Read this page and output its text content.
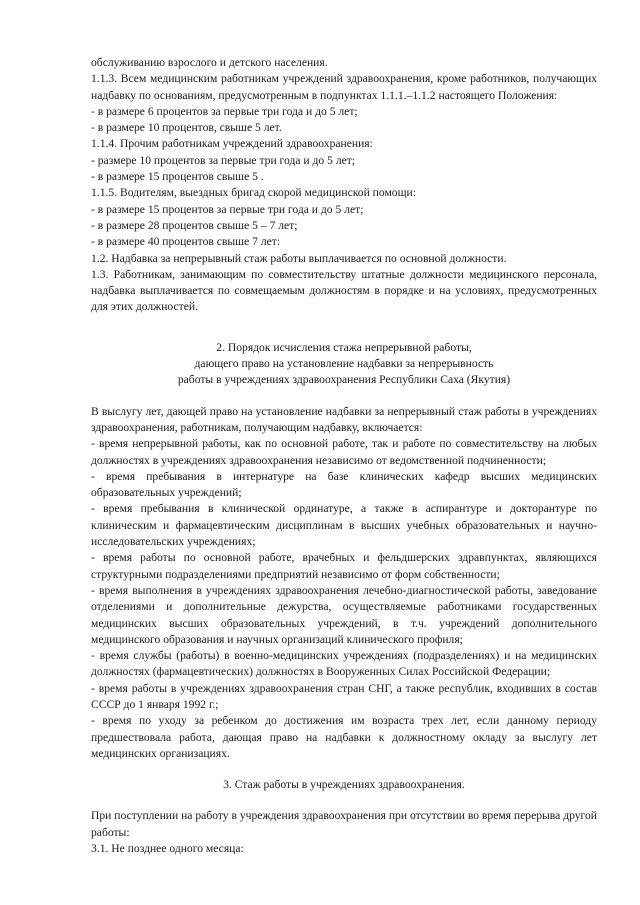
обслуживанию взрослого и детского населения.

1.1.3. Всем медицинским работникам учреждений здравоохранения, кроме работников, получающих надбавку по основаниям, предусмотренным в подпунктах 1.1.1.–1.1.2 настоящего Положения:

- в размере 6 процентов за первые три года и до 5 лет;

- в размере 10 процентов, свыше 5 лет.

1.1.4. Прочим работникам учреждений здравоохранения:

- размере 10 процентов за первые три года и до 5 лет;

- в размере 15 процентов свыше 5 .

1.1.5. Водителям, выездных бригад скорой медицинской помощи:

- в размере 15 процентов за первые три года и до 5 лет;

- в размере 28 процентов свыше 5 – 7 лет;

- в размере 40 процентов свыше 7 лет:

1.2. Надбавка за непрерывный стаж работы выплачивается по основной должности.

1.3. Работникам, занимающим по совместительству штатные должности медицинского персонала, надбавка выплачивается по совмещаемым должностям в порядке и на условиях, предусмотренных для этих должностей.

2. Порядок исчисления стажа непрерывной работы,

дающего право на установление надбавки за непрерывность

работы в учреждениях здравоохранения Республики Саха (Якутия)

В выслугу лет, дающей право на установление надбавки за непрерывный стаж работы в учреждениях здравоохранения, работникам, получающим надбавку, включается:

- время непрерывной работы, как по основной работе, так и работе по совместительству на любых должностях в учреждениях здравоохранения независимо от ведомственной подчиненности;

- время пребывания в интернатуре на базе клинических кафедр высших медицинских образовательных учреждений;

- время пребывания в клинической ординатуре, а также в аспирантуре и докторантуре по клиническим и фармацевтическим дисциплинам в высших учебных образовательных и научно-исследовательских учреждениях;

- время работы по основной работе, врачебных и фельдшерских здравпунктах, являющихся структурными подразделениями предприятий независимо от форм собственности;

- время выполнения в учреждениях здравоохранения лечебно-диагностической работы, заведование отделениями и дополнительные дежурства, осуществляемые работниками государственных медицинских высших образовательных учреждений, в т.ч. учреждений дополнительного медицинского образования и научных организаций клинического профиля;

- время службы (работы) в военно-медицинских учреждениях (подразделениях) и на медицинских должностях (фармацевтических) должностях в Вооруженных Силах Российской Федерации;

- время работы в учреждениях здравоохранения стран СНГ, а также республик, входивших в состав СССР до 1 января 1992 г.;

- время по уходу за ребенком до достижения им возраста трех лет, если данному периоду предшествовала работа, дающая право на надбавки к должностному окладу за выслугу лет медицинских организациях.

3. Стаж работы в учреждениях здравоохранения.

При поступлении на работу в учреждения здравоохранения при отсутствии во время перерыва другой работы:

3.1. Не позднее одного месяца:
